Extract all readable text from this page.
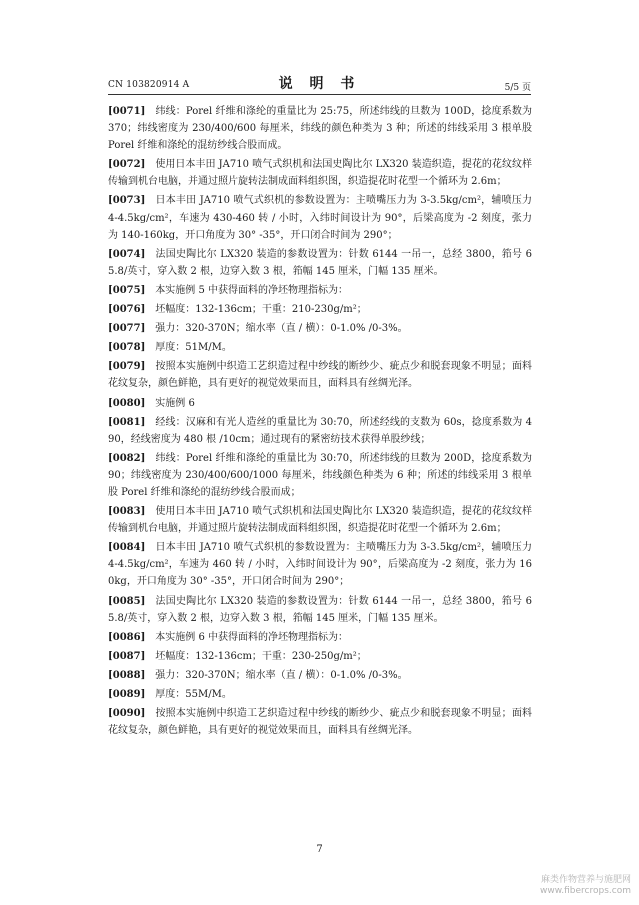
CN 103820914 A	说 明 书	5/5 页

[0071] 纬线：Porel 纤维和涤纶的重量比为 25:75，所述纬线的旦数为 100D，捻度系数为 370；纬线密度为 230/400/600 每厘米，纬线的颜色种类为 3 种；所述的纬线采用 3 根单股 Porel 纤维和涤纶的混纺纱线合股而成。

[0072] 使用日本丰田 JA710 喷气式织机和法国史陶比尔 LX320 装造织造，提花的花纹纹样传输到机台电脑，并通过照片旋转法制成面料组织图，织造提花时花型一个循环为 2.6m；

[0073] 日本丰田 JA710 喷气式织机的参数设置为：主喷嘴压力为 3-3.5kg/cm²，辅喷压力 4-4.5kg/cm²，车速为 430-460 转 / 小时，入纬时间设计为 90°，后梁高度为 -2 刻度，张力为 140-160kg，开口角度为 30° -35°，开口闭合时间为 290°；

[0074] 法国史陶比尔 LX320 装造的参数设置为：针数 6144 一吊一，总经 3800，筘号 65.8/英寸，穿入数 2 根，边穿入数 3 根，筘幅 145 厘米，门幅 135 厘米。

[0075] 本实施例 5 中获得面料的净坯物理指标为：

[0076] 坯幅度：132-136cm；干重：210-230g/m²；

[0077] 强力：320-370N；缩水率（直 / 横）：0-1.0% /0-3%。

[0078] 厚度：51M/M。

[0079] 按照本实施例中织造工艺织造过程中纱线的断纱少、疵点少和脱套现象不明显；面料花纹复杂，颜色鲜艳，具有更好的视觉效果而且，面料具有丝绸光泽。

[0080] 实施例 6

[0081] 经线：汉麻和有光人造丝的重量比为 30:70，所述经线的支数为 60s，捻度系数为 490，经线密度为 480 根 /10cm；通过现有的紧密纺技术获得单股纱线；

[0082] 纬线：Porel 纤维和涤纶的重量比为 30:70，所述纬线的旦数为 200D，捻度系数为 90；纬线密度为 230/400/600/1000 每厘米，纬线颜色种类为 6 种；所述的纬线采用 3 根单股 Porel 纤维和涤纶的混纺纱线合股而成；

[0083] 使用日本丰田 JA710 喷气式织机和法国史陶比尔 LX320 装造织造，提花的花纹纹样传输到机台电脑，并通过照片旋转法制成面料组织图，织造提花时花型一个循环为 2.6m；

[0084] 日本丰田 JA710 喷气式织机的参数设置为：主喷嘴压力为 3-3.5kg/cm²，辅喷压力 4-4.5kg/cm²，车速为 460 转 / 小时，入纬时间设计为 90°，后梁高度为 -2 刻度，张力为 160kg，开口角度为 30° -35°，开口闭合时间为 290°；

[0085] 法国史陶比尔 LX320 装造的参数设置为：针数 6144 一吊一，总经 3800，筘号 65.8/英寸，穿入数 2 根，边穿入数 3 根，筘幅 145 厘米，门幅 135 厘米。

[0086] 本实施例 6 中获得面料的净坯物理指标为：

[0087] 坯幅度：132-136cm；干重：230-250g/m²；

[0088] 强力：320-370N；缩水率（直 / 横）：0-1.0% /0-3%。

[0089] 厚度：55M/M。

[0090] 按照本实施例中织造工艺织造过程中纱线的断纱少、疵点少和脱套现象不明显；面料花纹复杂，颜色鲜艳，具有更好的视觉效果而且，面料具有丝绸光泽。

7
麻类作物营养与施肥网
www.fibercrops.com
